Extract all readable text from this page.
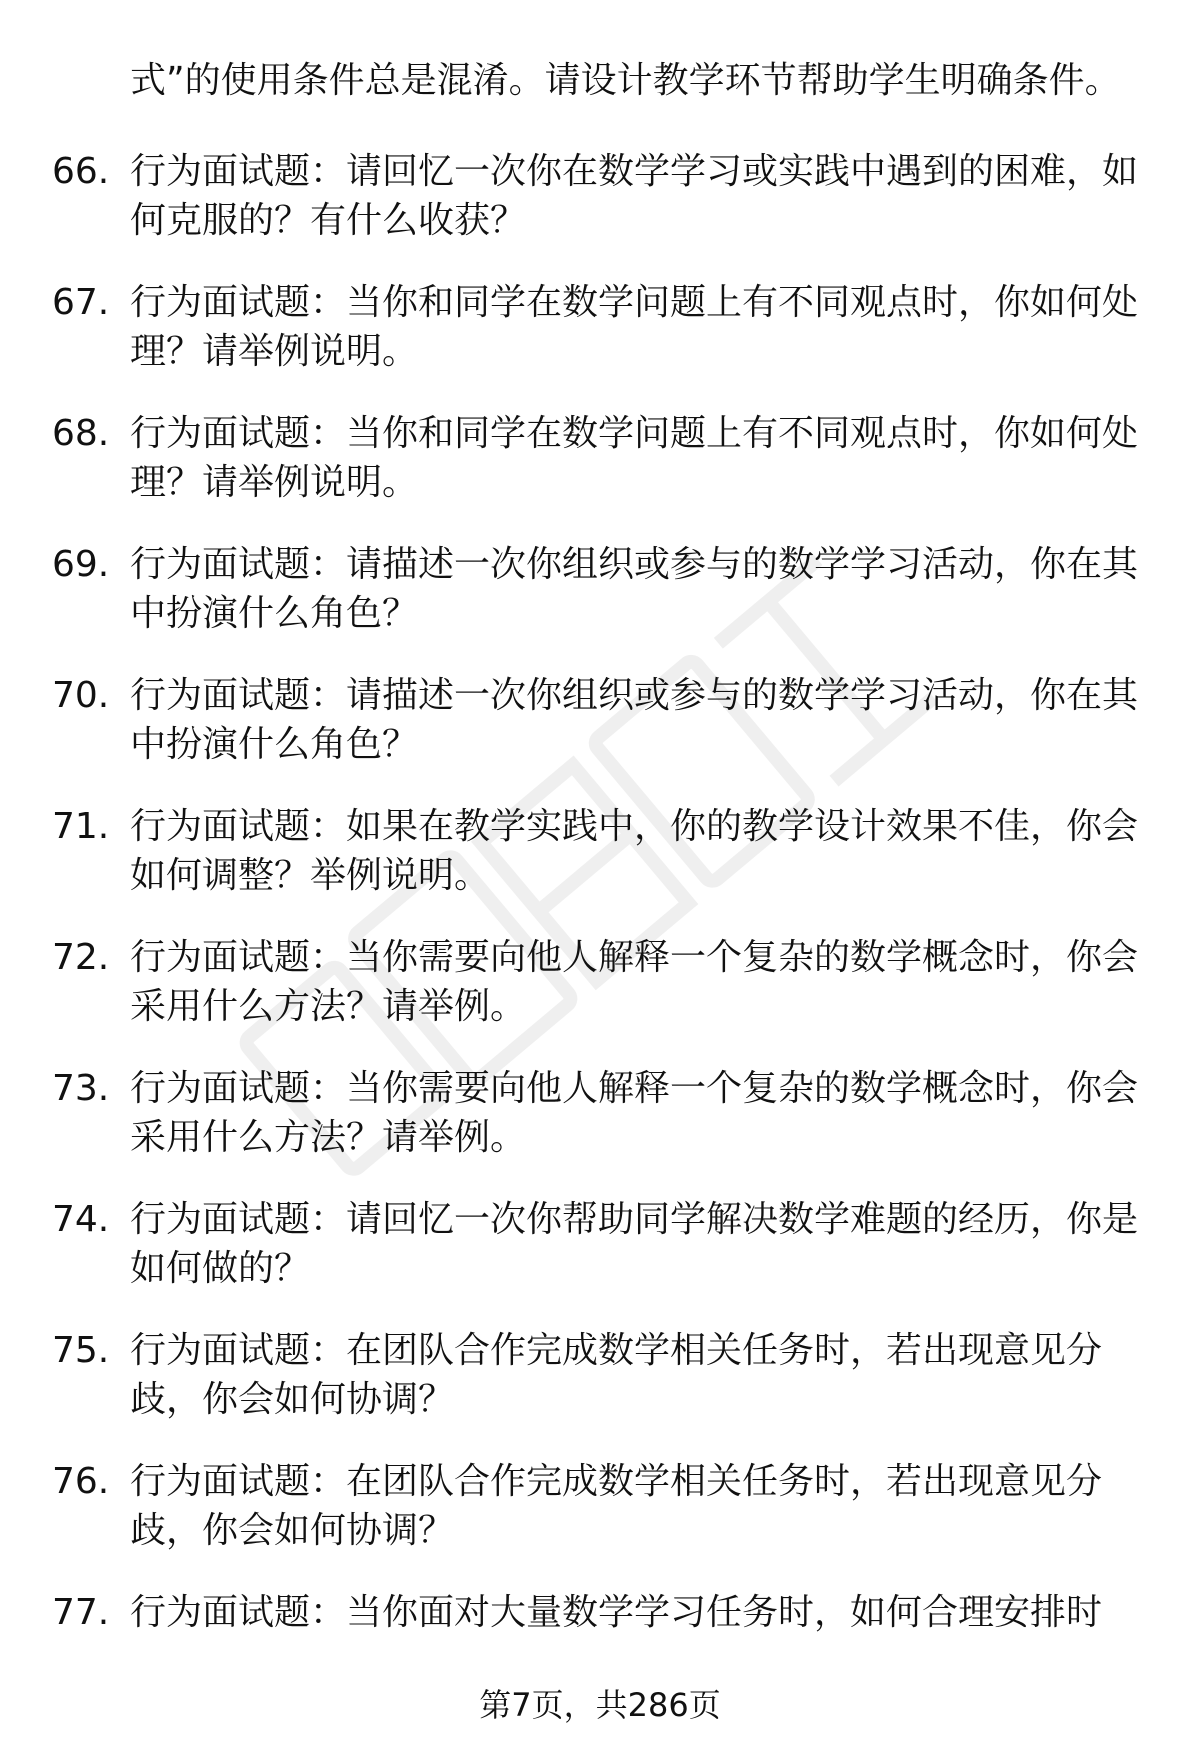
式”的使用条件总是混淆。请设计教学环节帮助学生明确条件。
66. 行为面试题：请回忆一次你在数学学习或实践中遇到的困难，如
何克服的？有什么收获？
67. 行为面试题：当你和同学在数学问题上有不同观点时，你如何处
理？请举例说明。
68. 行为面试题：当你和同学在数学问题上有不同观点时，你如何处
理？请举例说明。
69. 行为面试题：请描述一次你组织或参与的数学学习活动，你在其
中扮演什么角色？
70. 行为面试题：请描述一次你组织或参与的数学学习活动，你在其
中扮演什么角色？
71. 行为面试题：如果在教学实践中，你的教学设计效果不佳，你会
如何调整？举例说明。
72. 行为面试题：当你需要向他人解释一个复杂的数学概念时，你会
采用什么方法？请举例。
73. 行为面试题：当你需要向他人解释一个复杂的数学概念时，你会
采用什么方法？请举例。
74. 行为面试题：请回忆一次你帮助同学解决数学难题的经历，你是
如何做的？
75. 行为面试题：在团队合作完成数学相关任务时，若出现意见分
歧，你会如何协调？
76. 行为面试题：在团队合作完成数学相关任务时，若出现意见分
歧，你会如何协调？
77. 行为面试题：当你面对大量数学学习任务时，如何合理安排时
第7页，共286页
